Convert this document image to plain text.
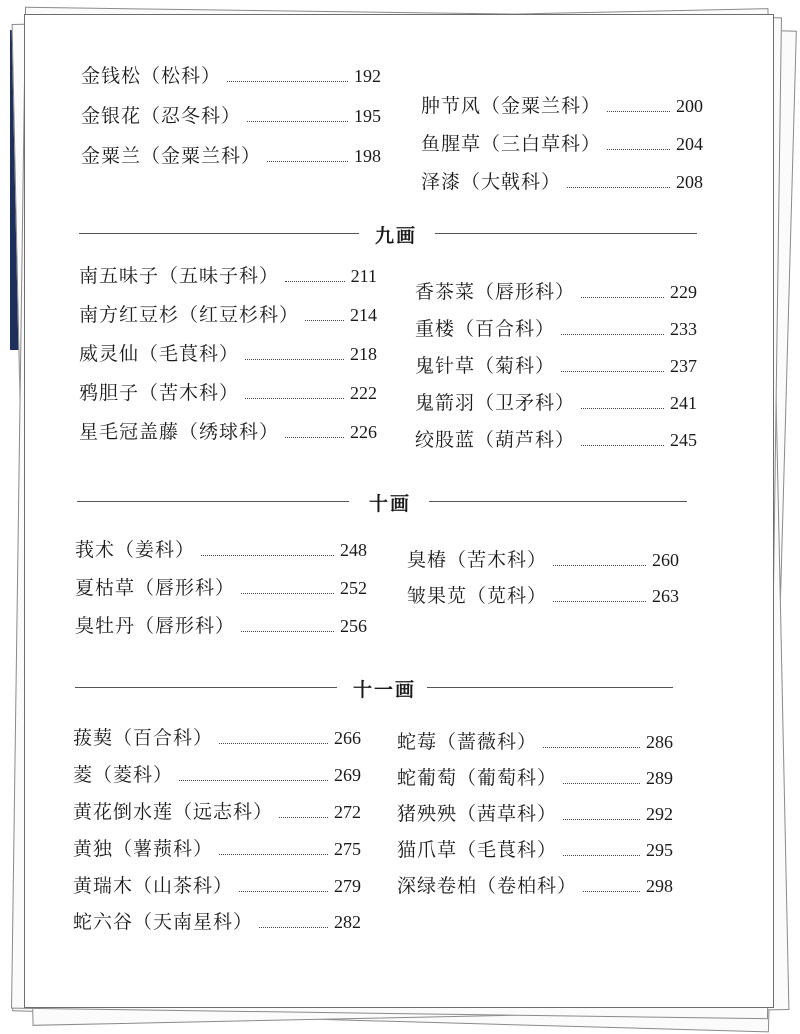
金钱松 （松科）	192
金银花 （忍冬科）	195
金粟兰 （金粟兰科）	198
肿节风 （金粟兰科）	200
鱼腥草 （三白草科）	204
泽漆 （大戟科）	208
九画
南五味子 （五味子科）	211
南方红豆杉 （红豆杉科）	214
威灵仙 （毛茛科）	218
鸦胆子 （苦木科）	222
星毛冠盖藤 （绣球科）	226
香茶菜 （唇形科）	229
重楼 （百合科）	233
鬼针草 （菊科）	237
鬼箭羽 （卫矛科）	241
绞股蓝 （葫芦科）	245
十画
莪术 （姜科）	248
夏枯草 （唇形科）	252
臭牡丹 （唇形科）	256
臭椿 （苦木科）	260
皱果苋 （苋科）	263
十一画
菝葜 （百合科）	266
菱 （菱科）	269
黄花倒水莲 （远志科）	272
黄独 （薯蓣科）	275
黄瑞木 （山茶科）	279
蛇六谷 （天南星科）	282
蛇莓 （蔷薇科）	286
蛇葡萄 （葡萄科）	289
猪殃殃 （茜草科）	292
猫爪草 （毛茛科）	295
深绿卷柏 （卷柏科）	298
